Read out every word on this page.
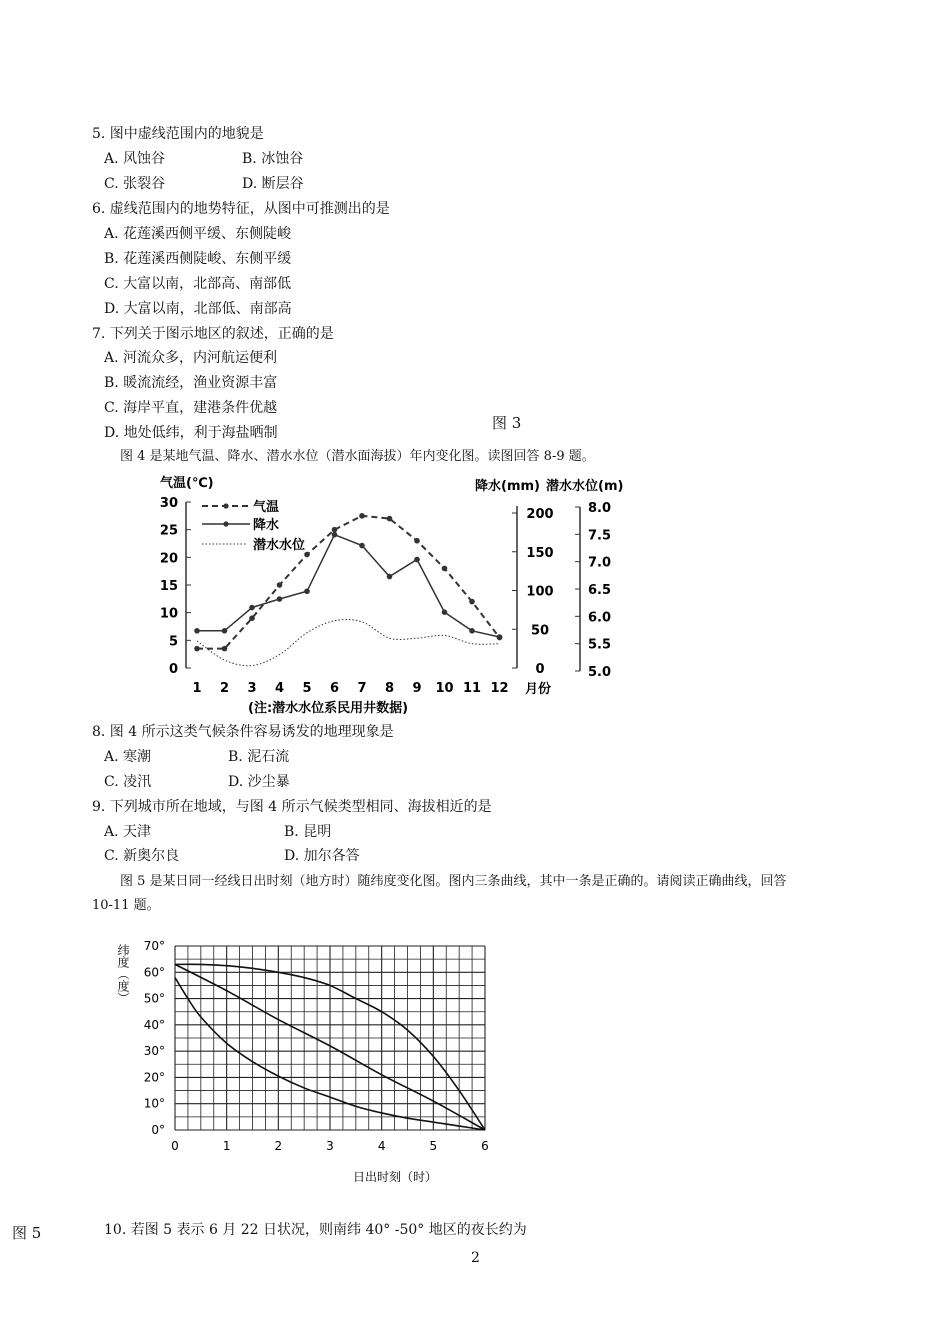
5. 图中虚线范围内的地貌是
A. 风蚀谷	B. 冰蚀谷
C. 张裂谷	D. 断层谷
6. 虚线范围内的地势特征，从图中可推测出的是
A. 花莲溪西侧平缓、东侧陡峻
B. 花莲溪西侧陡峻、东侧平缓
C. 大富以南，北部高、南部低
D. 大富以南，北部低、南部高
7. 下列关于图示地区的叙述，正确的是
A. 河流众多，内河航运便利
B. 暖流流经，渔业资源丰富
C. 海岸平直，建港条件优越
图 3
D. 地处低纬，利于海盐晒制
图 4 是某地气温、降水、潜水水位（潜水面海拔）年内变化图。读图回答 8-9 题。
气温(℃)	降水(mm) 潜水水位(m)
0
5
10
15
20
25
30
0
50
100
150
200
5.0
5.5
6.0
6.5
7.0
7.5
8.0
1 2 3 4 5 6 7 8 9 10 11 12
气温
降水
潜水水位
月份
(注:潜水水位系民用井数据)
8. 图 4 所示这类气候条件容易诱发的地理现象是
A. 寒潮	B. 泥石流
C. 凌汛	D. 沙尘暴
9. 下列城市所在地域，与图 4 所示气候类型相同、海拔相近的是
A. 天津	B. 昆明
C. 新奥尔良	D. 加尔各答
图 5 是某日同一经线日出时刻（地方时）随纬度变化图。图内三条曲线，其中一条是正确的。请阅读正确曲线，回答
10-11 题。
纬度（度）
0°
10°
20°
30°
40°
50°
60°
70°
0	1	2	3	4	5	6
日出时刻（时）
图 5	10. 若图 5 表示 6 月 22 日状况，则南纬 40° -50° 地区的夜长约为
2
